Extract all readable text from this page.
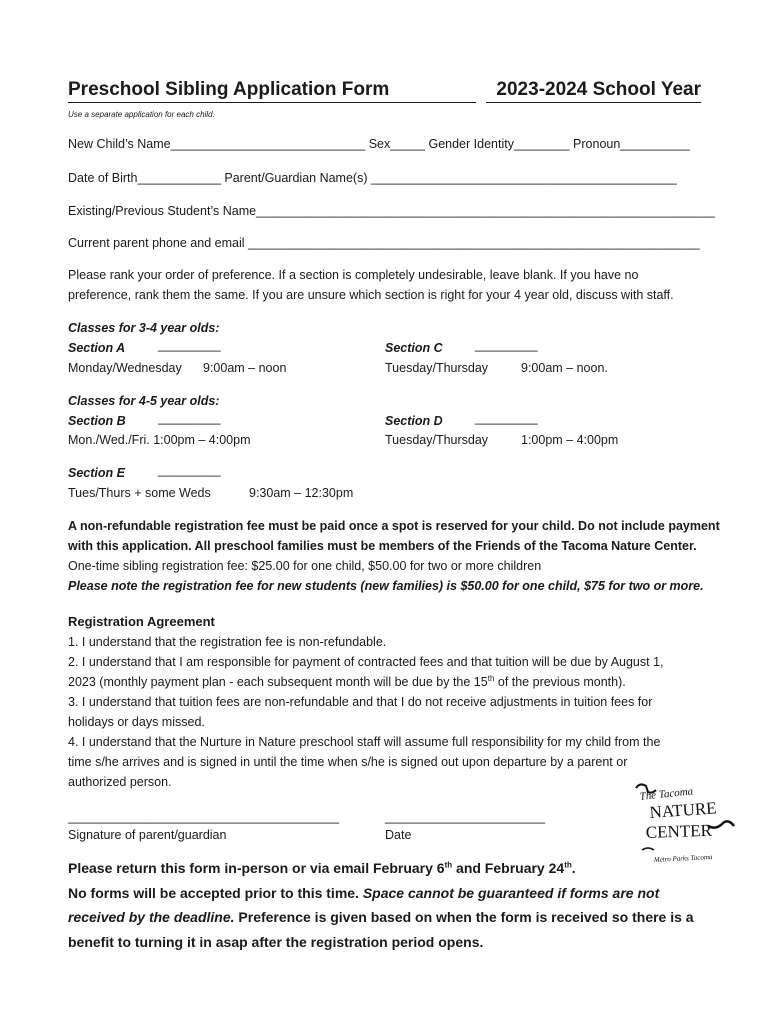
Preschool Sibling Application Form	2023-2024 School Year
Use a separate application for each child.
New Child’s Name____________________________ Sex_____ Gender Identity________ Pronoun__________
Date of Birth____________ Parent/Guardian Name(s) ____________________________________________
Existing/Previous Student’s Name__________________________________________________________________
Current parent phone and email _________________________________________________________________
Please rank your order of preference. If a section is completely undesirable, leave blank. If you have no
preference, rank them the same. If you are unsure which section is right for your 4 year old, discuss with staff.
Classes for 3-4 year olds:
Section A	_________
Monday/Wednesday 9:00am – noon
Section C	_________
Tuesday/Thursday	9:00am – noon.
Classes for 4-5 year olds:
Section B	_________
Mon./Wed./Fri. 1:00pm – 4:00pm
Section D	_________
Tuesday/Thursday	1:00pm – 4:00pm
Section E	_________
Tues/Thurs + some Weds	9:30am – 12:30pm
A non-refundable registration fee must be paid once a spot is reserved for your child. Do not include payment
with this application. All preschool families must be members of the Friends of the Tacoma Nature Center.
One-time sibling registration fee: $25.00 for one child, $50.00 for two or more children
Please note the registration fee for new students (new families) is $50.00 for one child, $75 for two or more.
Registration Agreement
1. I understand that the registration fee is non-refundable.
2. I understand that I am responsible for payment of contracted fees and that tuition will be due by August 1,
2023 (monthly payment plan - each subsequent month will be due by the 15th of the previous month).
3. I understand that tuition fees are non-refundable and that I do not receive adjustments in tuition fees for
holidays or days missed.
4. I understand that the Nurture in Nature preschool staff will assume full responsibility for my child from the
time s/he arrives and is signed in until the time when s/he is signed out upon departure by a parent or
authorized person.
_______________________________________
Signature of parent/guardian
_______________________
Date
The Tacoma
NATURE
CENTER
Metro Parks Tacoma
Please return this form in-person or via email February 6th and February 24th.
No forms will be accepted prior to this time. Space cannot be guaranteed if forms are not
received by the deadline. Preference is given based on when the form is received so there is a
benefit to turning it in asap after the registration period opens.
